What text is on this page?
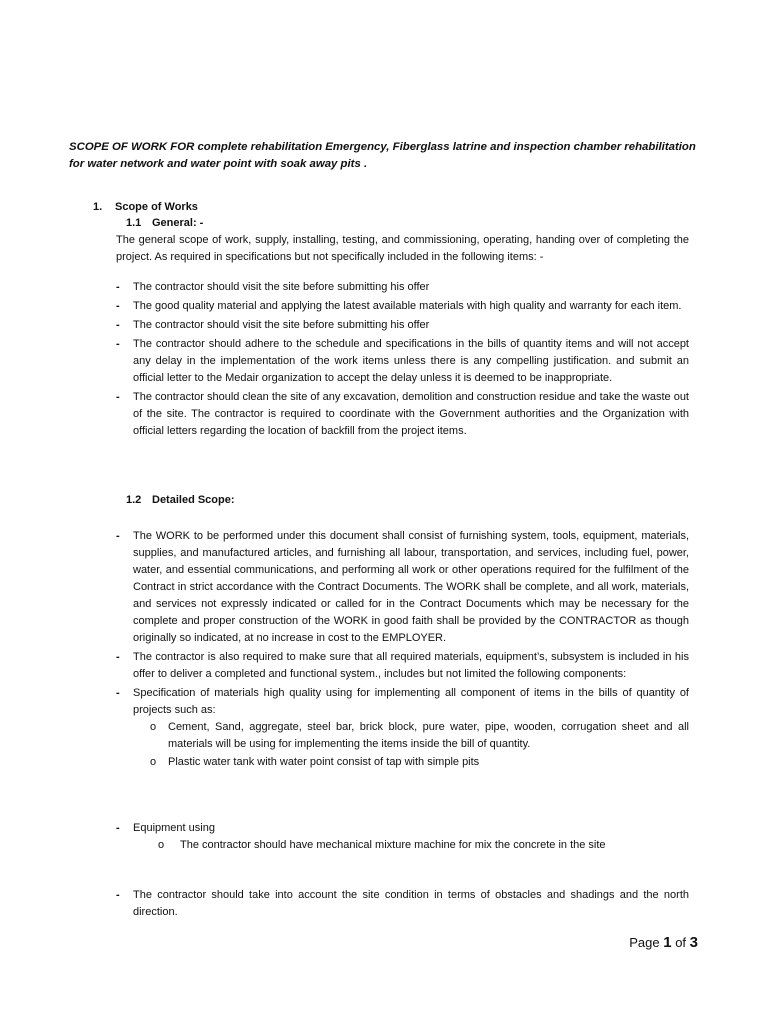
SCOPE OF WORK FOR complete rehabilitation Emergency, Fiberglass latrine and inspection chamber rehabilitation for water network and water point with soak away pits .
1. Scope of Works
1.1 General: -
The general scope of work, supply, installing, testing, and commissioning, operating, handing over of completing the project. As required in specifications but not specifically included in the following items: -
- The contractor should visit the site before submitting his offer
- The good quality material and applying the latest available materials with high quality and warranty for each item.
- The contractor should visit the site before submitting his offer
- The contractor should adhere to the schedule and specifications in the bills of quantity items and will not accept any delay in the implementation of the work items unless there is any compelling justification. and submit an official letter to the Medair organization to accept the delay unless it is deemed to be inappropriate.
- The contractor should clean the site of any excavation, demolition and construction residue and take the waste out of the site. The contractor is required to coordinate with the Government authorities and the Organization with official letters regarding the location of backfill from the project items.
1.2 Detailed Scope:
- The WORK to be performed under this document shall consist of furnishing system, tools, equipment, materials, supplies, and manufactured articles, and furnishing all labour, transportation, and services, including fuel, power, water, and essential communications, and performing all work or other operations required for the fulfilment of the Contract in strict accordance with the Contract Documents. The WORK shall be complete, and all work, materials, and services not expressly indicated or called for in the Contract Documents which may be necessary for the complete and proper construction of the WORK in good faith shall be provided by the CONTRACTOR as though originally so indicated, at no increase in cost to the EMPLOYER.
- The contractor is also required to make sure that all required materials, equipment’s, subsystem is included in his offer to deliver a completed and functional system., includes but not limited the following components:
- Specification of materials high quality using for implementing all component of items in the bills of quantity of projects such as:
o Cement, Sand, aggregate, steel bar, brick block, pure water, pipe, wooden, corrugation sheet and all materials will be using for implementing the items inside the bill of quantity.
o Plastic water tank with water point consist of tap with simple pits
- Equipment using
o The contractor should have mechanical mixture machine for mix the concrete in the site
- The contractor should take into account the site condition in terms of obstacles and shadings and the north direction.
Page 1 of 3
